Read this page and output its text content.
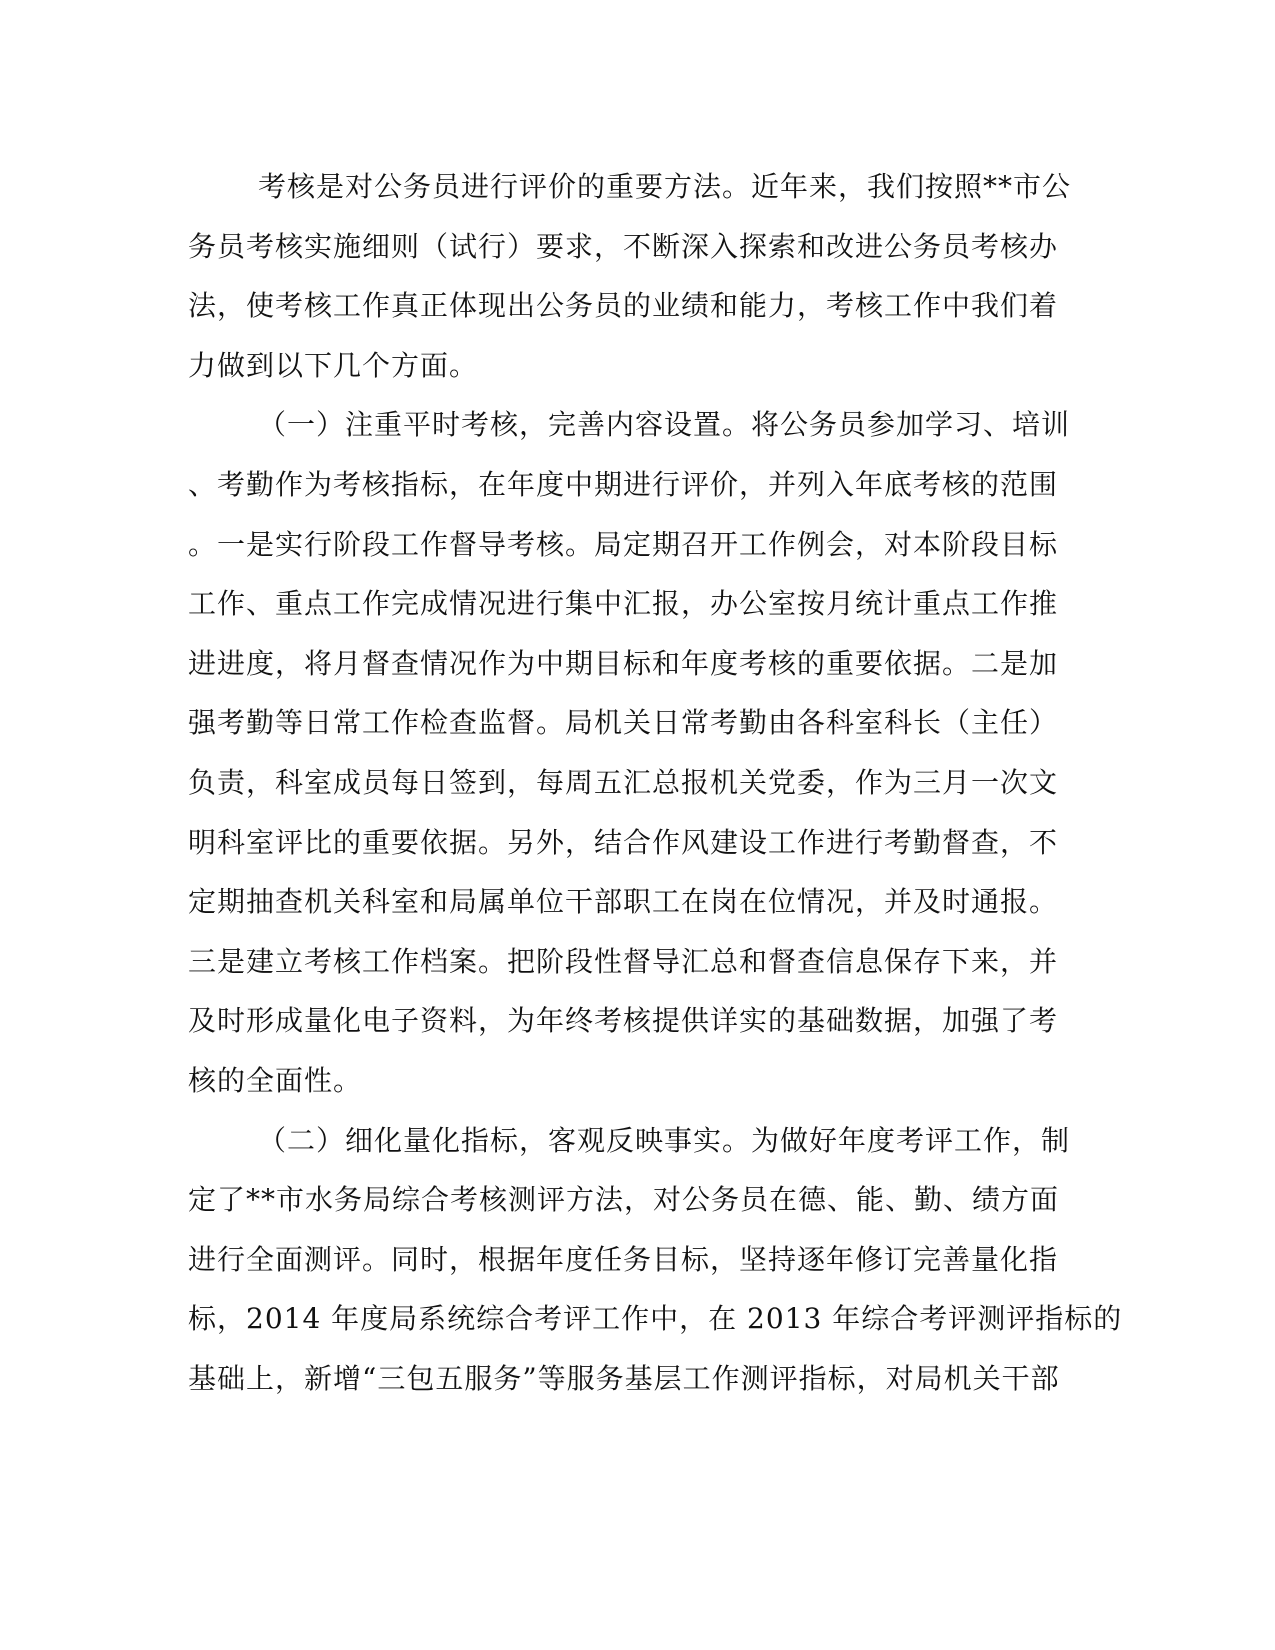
考核是对公务员进行评价的重要方法。近年来，我们按照**市公
务员考核实施细则（试行）要求，不断深入探索和改进公务员考核办
法，使考核工作真正体现出公务员的业绩和能力，考核工作中我们着
力做到以下几个方面。
（一）注重平时考核，完善内容设置。将公务员参加学习、培训
、考勤作为考核指标，在年度中期进行评价，并列入年底考核的范围
。一是实行阶段工作督导考核。局定期召开工作例会，对本阶段目标
工作、重点工作完成情况进行集中汇报，办公室按月统计重点工作推
进进度，将月督查情况作为中期目标和年度考核的重要依据。二是加
强考勤等日常工作检查监督。局机关日常考勤由各科室科长（主任）
负责，科室成员每日签到，每周五汇总报机关党委，作为三月一次文
明科室评比的重要依据。另外，结合作风建设工作进行考勤督查，不
定期抽查机关科室和局属单位干部职工在岗在位情况，并及时通报。
三是建立考核工作档案。把阶段性督导汇总和督查信息保存下来，并
及时形成量化电子资料，为年终考核提供详实的基础数据，加强了考
核的全面性。
（二）细化量化指标，客观反映事实。为做好年度考评工作，制
定了**市水务局综合考核测评方法，对公务员在德、能、勤、绩方面
进行全面测评。同时，根据年度任务目标，坚持逐年修订完善量化指
标，2014 年度局系统综合考评工作中，在 2013 年综合考评测评指标的
基础上，新增“三包五服务”等服务基层工作测评指标，对局机关干部
